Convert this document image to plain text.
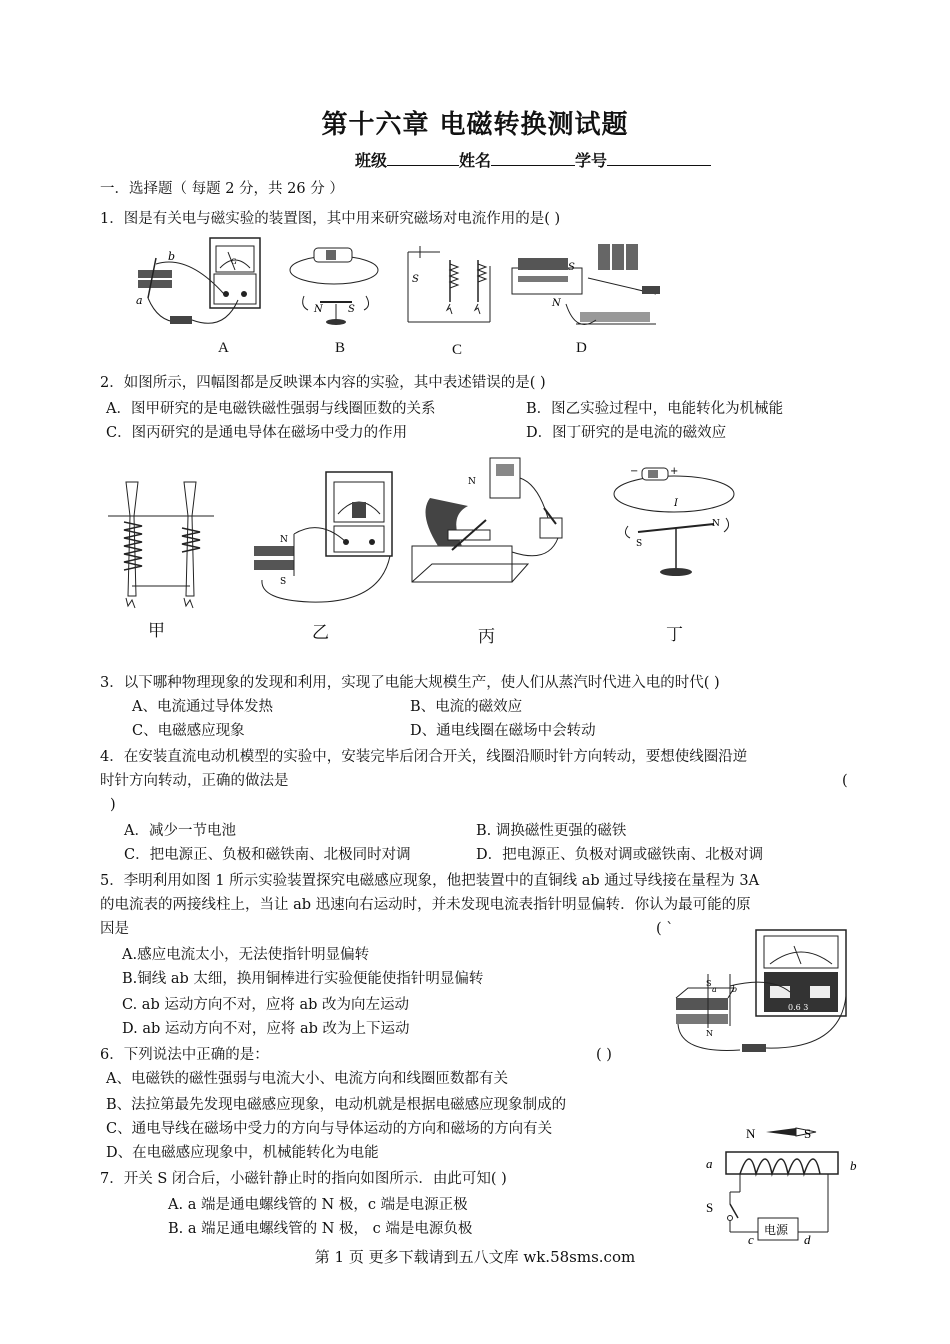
第十六章 电磁转换测试题
班级	姓名	学号
一．选择题（ 每题 2 分，共 26 分 ）
1．图是有关电与磁实验的装置图，其中用来研究磁场对电流作用的是( )
G
b
a
N	S
S
S
N
A	B	C	D
2．如图所示，四幅图都是反映课本内容的实验，其中表述错误的是( )
A．图甲研究的是电磁铁磁性强弱与线圈匝数的关系	B．图乙实验过程中，电能转化为机械能
C．图丙研究的是通电导体在磁场中受力的作用	D．图丁研究的是电流的磁效应
N
S
N
−	+
I
S
N
甲	乙	丙	丁
3．以下哪种物理现象的发现和利用，实现了电能大规模生产，使人们从蒸汽时代进入电的时代( )
A、电流通过导体发热	B、电流的磁效应
C、电磁感应现象	D、通电线圈在磁场中会转动
4．在安装直流电动机模型的实验中，安装完毕后闭合开关，线圈沿顺时针方向转动，要想使线圈沿逆
时针方向转动，正确的做法是	(
)
A．减少一节电池	B. 调换磁性更强的磁铁
C．把电源正、负极和磁铁南、北极同时对调	D．把电源正、负极对调或磁铁南、北极对调
5．李明利用如图 1 所示实验装置探究电磁感应现象，他把装置中的直铜线 ab 通过导线接在量程为 3A
的电流表的两接线柱上，当让 ab 迅速向右运动时，并未发现电流表指针明显偏转．你认为最可能的原
因是	( `
A.感应电流太小，无法使指针明显偏转
B.铜线 ab 太细，换用铜棒进行实验便能使指针明显偏转
C. ab 运动方向不对，应将 ab 改为向左运动
D. ab 运动方向不对，应将 ab 改为上下运动
0.6 3
S
N
a b
6．下列说法中正确的是：	( )
A、电磁铁的磁性强弱与电流大小、电流方向和线圈匝数都有关
B、法拉第最先发现电磁感应现象，电动机就是根据电磁感应现象制成的
C、通电导线在磁场中受力的方向与导体运动的方向和磁场的方向有关
D、在电磁感应现象中，机械能转化为电能
7．开关 S 闭合后，小磁针静止时的指向如图所示．由此可知( )
A. a 端是通电螺线管的 N 极，c 端是电源正极
B. a 端足通电螺线管的 N 极， c 端是电源负极
N	S
a	b
S
电源
c	d
第 1 页 更多下载请到五八文库 wk.58sms.com
